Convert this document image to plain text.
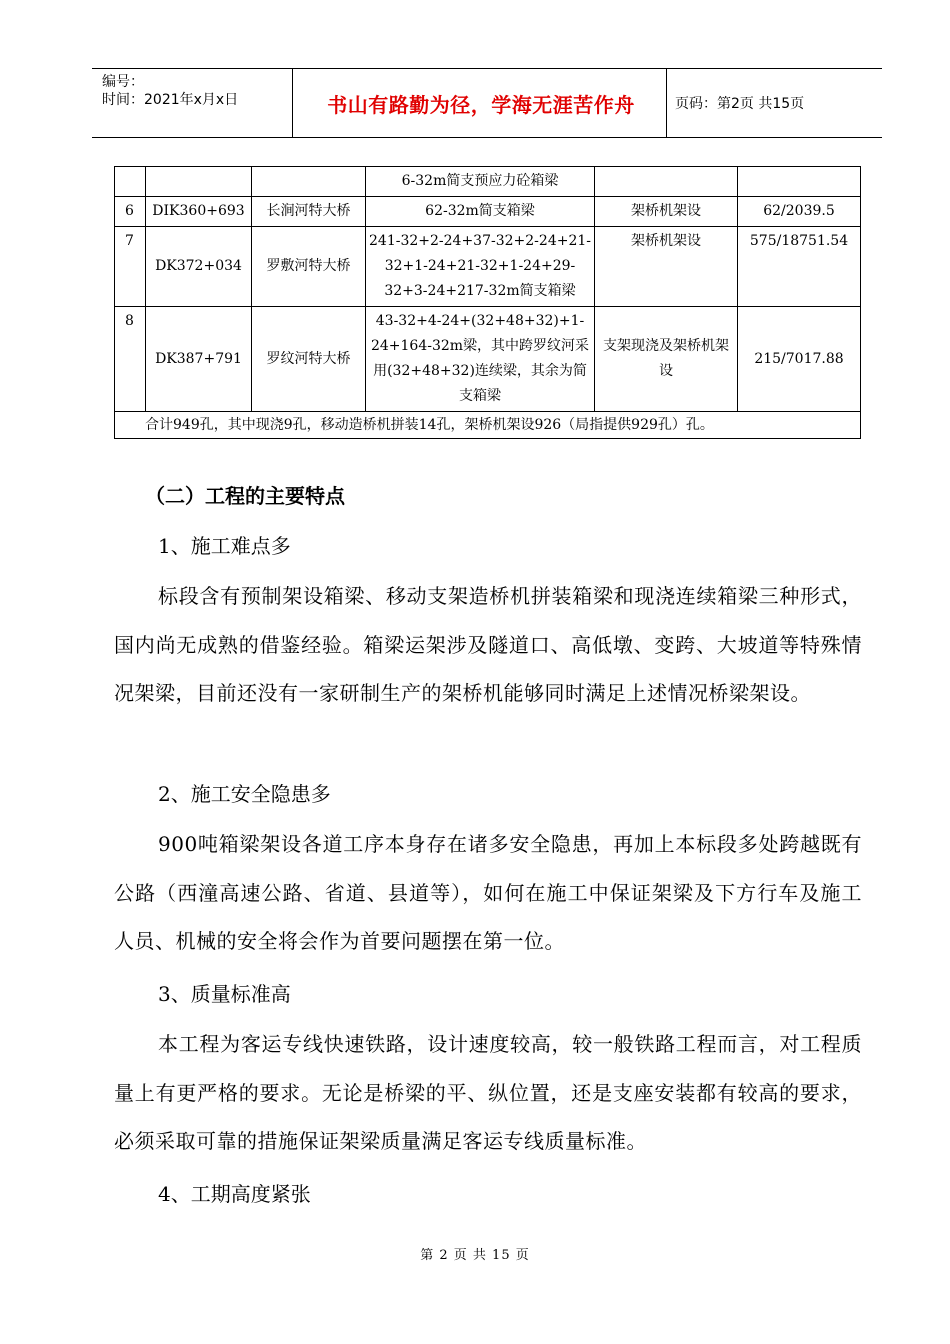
编号：
时间：2021年x月x日	书山有路勤为径，学海无涯苦作舟	页码：第2页 共15页
			6-32m简支预应力砼箱梁		
6	DIK360+693	长涧河特大桥	62-32m简支箱梁	架桥机架设	62/2039.5
7	DK372+034	罗敷河特大桥	241-32+2-24+37-32+2-24+21-32+1-24+21-32+1-24+29-32+3-24+217-32m简支箱梁	架桥机架设	575/18751.54
8	DK387+791	罗纹河特大桥	43-32+4-24+(32+48+32)+1-24+164-32m梁，其中跨罗纹河采用(32+48+32)连续梁，其余为简支箱梁	支架现浇及架桥机架设	215/7017.88
合计949孔，其中现浇9孔，移动造桥机拼装14孔，架桥机架设926（局指提供929孔）孔。					
（二）工程的主要特点
1、施工难点多
标段含有预制架设箱梁、移动支架造桥机拼装箱梁和现浇连续箱梁三种形式，国内尚无成熟的借鉴经验。箱梁运架涉及隧道口、高低墩、变跨、大坡道等特殊情况架梁，目前还没有一家研制生产的架桥机能够同时满足上述情况桥梁架设。
2、施工安全隐患多
900吨箱梁架设各道工序本身存在诸多安全隐患，再加上本标段多处跨越既有公路（西潼高速公路、省道、县道等），如何在施工中保证架梁及下方行车及施工人员、机械的安全将会作为首要问题摆在第一位。
3、质量标准高
本工程为客运专线快速铁路，设计速度较高，较一般铁路工程而言，对工程质量上有更严格的要求。无论是桥梁的平、纵位置，还是支座安装都有较高的要求，必须采取可靠的措施保证架梁质量满足客运专线质量标准。
4、工期高度紧张
第 2 页 共 15 页
